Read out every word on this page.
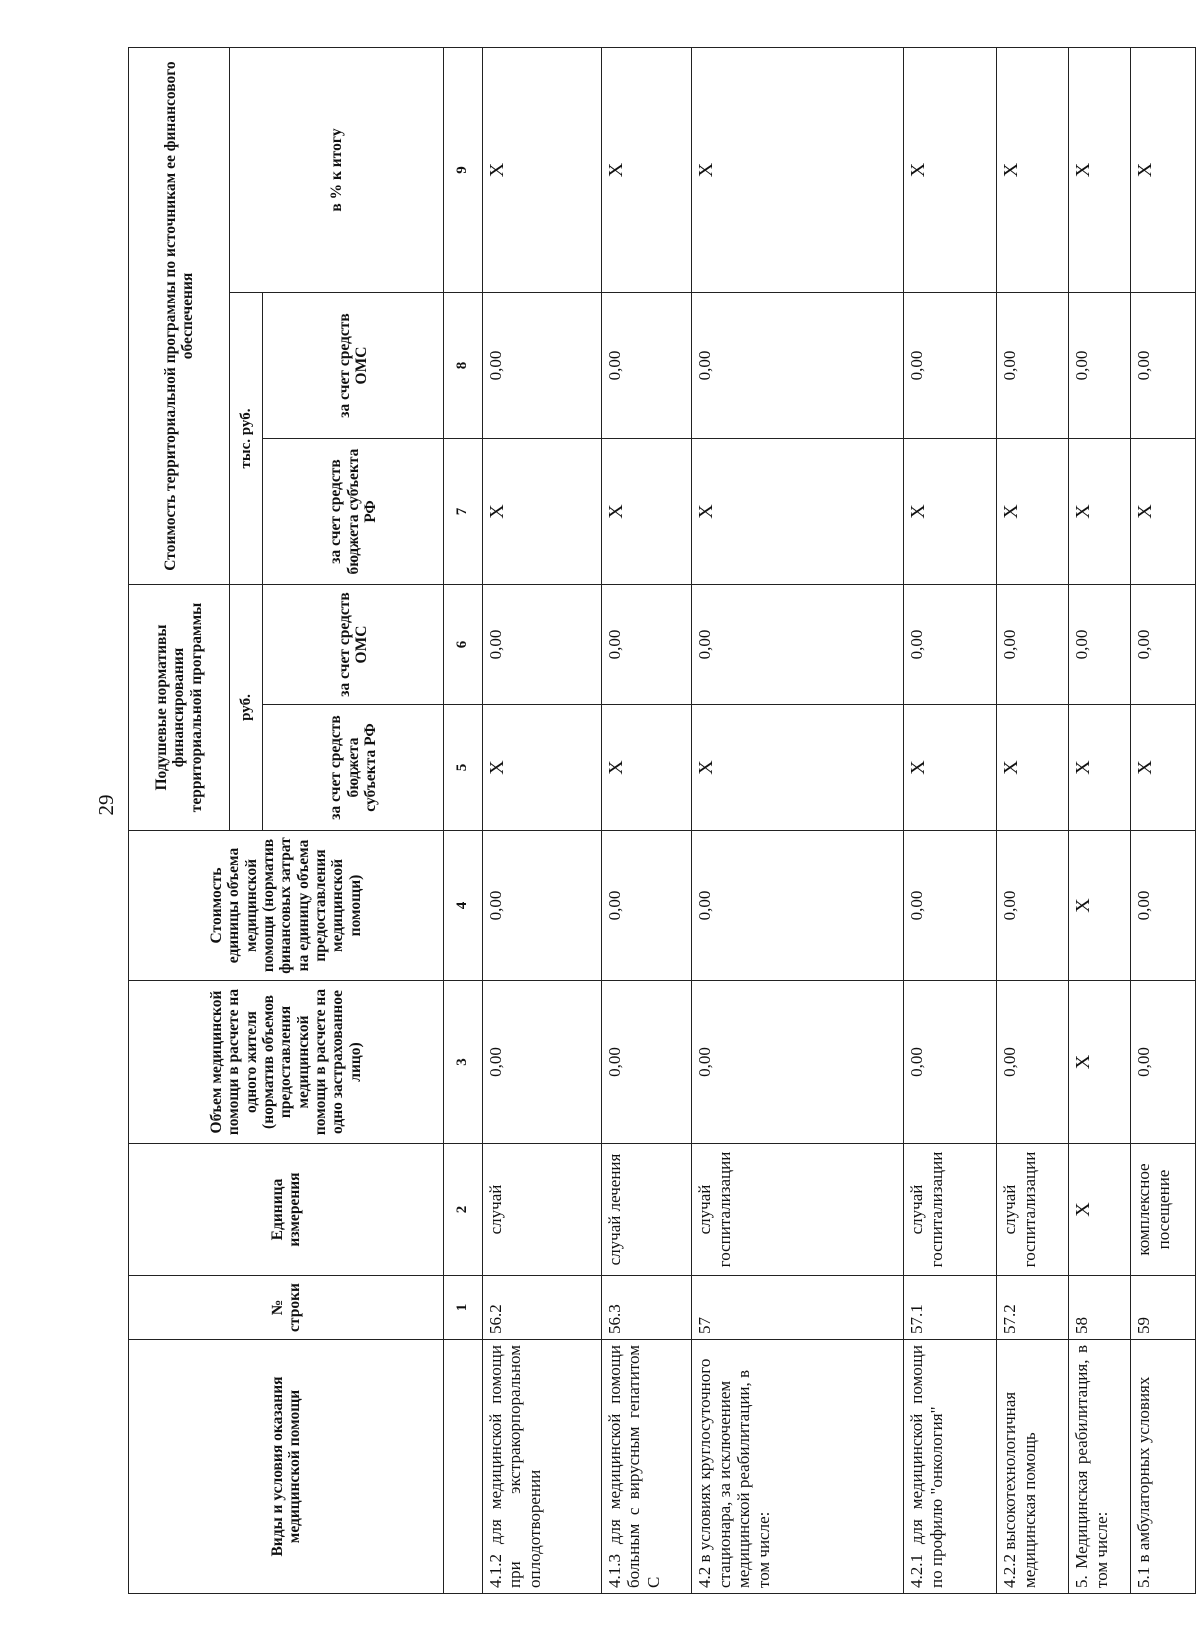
29
Виды и условия оказания медицинской помощи	№ строки	Единица измерения	Объем медицинской помощи в расчете на одного жителя (норматив объемов предоставления медицинской помощи в расчете на одно застрахованное лицо)	Стоимость единицы объема медицинской помощи (норматив финансовых затрат на единицу объема предоставления медицинской помощи)	Подушевые нормативы финансирования территориальной программы		Стоимость территориальной программы по источникам ее финансового обеспечения		
					руб.		тыс. руб.		в % к итогу
					за счет средств бюджета субъекта РФ	за счет средств ОМС	за счет средств бюджета субъекта РФ	за счет средств ОМС	
	1	2	3	4	5	6	7	8	9
4.1.2 для медицинской помощи при экстракорпоральном оплодотворении	56.2	случай	0,00	0,00	X	0,00	X	0,00	X
4.1.3 для медицинской помощи больным с вирусным гепатитом С	56.3	случай лечения	0,00	0,00	X	0,00	X	0,00	X
4.2 в условиях круглосуточного стационара, за исключением медицинской реабилитации, в том числе:	57	случай госпитализации	0,00	0,00	X	0,00	X	0,00	X
4.2.1 для медицинской помощи по профилю "онкология"	57.1	случай госпитализации	0,00	0,00	X	0,00	X	0,00	X
4.2.2 высокотехнологичная медицинская помощь	57.2	случай госпитализации	0,00	0,00	X	0,00	X	0,00	X
5. Медицинская реабилитация, в том числе:	58	X	X	X	X	0,00	X	0,00	X
5.1 в амбулаторных условиях	59	комплексное посещение	0,00	0,00	X	0,00	X	0,00	X
